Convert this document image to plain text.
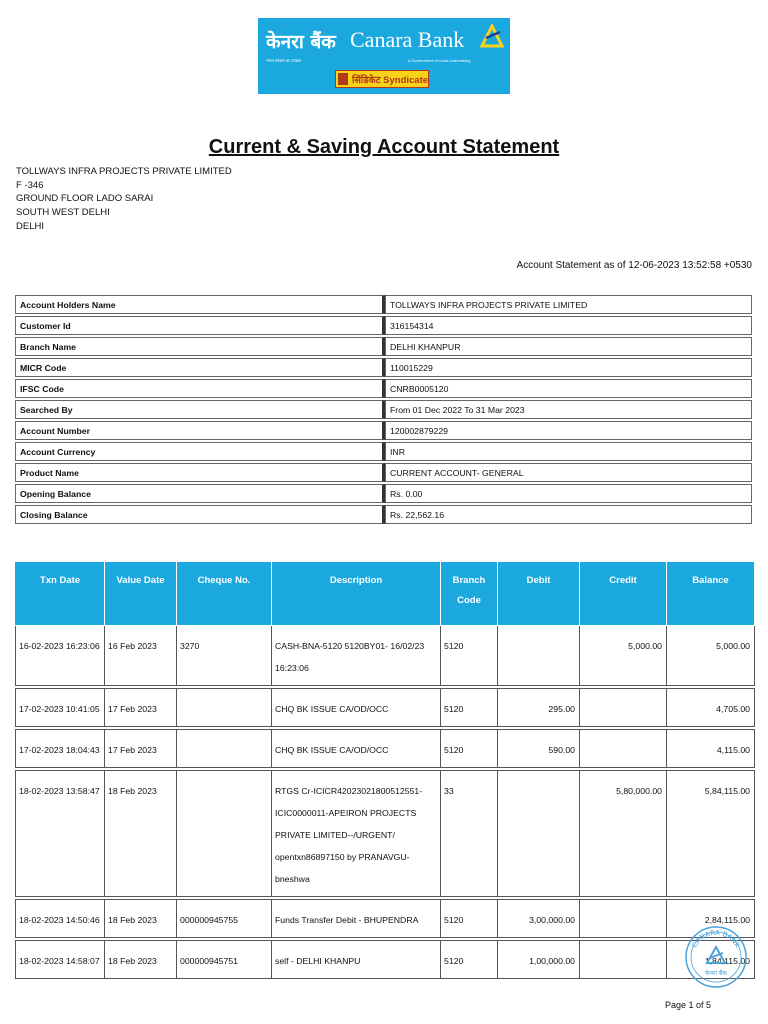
केनरा बैंक Canara Bank
भारत सरकार का उपक्रम	A Government of India Undertaking
सिंडिकेट Syndicate
Current & Saving Account Statement
TOLLWAYS INFRA PROJECTS PRIVATE LIMITED
F -346
GROUND FLOOR LADO SARAI
SOUTH WEST DELHI
DELHI
Account Statement as of 12-06-2023 13:52:58 +0530
Account Holders Name	TOLLWAYS INFRA PROJECTS PRIVATE LIMITED
Customer Id	316154314
Branch Name	DELHI KHANPUR
MICR Code	110015229
IFSC Code	CNRB0005120
Searched By	From 01 Dec 2022 To 31 Mar 2023
Account Number	120002879229
Account Currency	INR
Product Name	CURRENT ACCOUNT- GENERAL
Opening Balance	Rs. 0.00
Closing Balance	Rs. 22,562.16
Txn Date	Value Date	Cheque No.	Description	Branch
Code	Debit	Credit	Balance
16-02-2023 16:23:06	16 Feb 2023	3270	CASH-BNA-5120 5120BY01- 16/02/23
16:23:06	5120		5,000.00	5,000.00

17-02-2023 10:41:05	17 Feb 2023		CHQ BK ISSUE CA/OD/OCC	5120	295.00		4,705.00

17-02-2023 18:04:43	17 Feb 2023		CHQ BK ISSUE CA/OD/OCC	5120	590.00		4,115.00

18-02-2023 13:58:47	18 Feb 2023		RTGS Cr-ICICR42023021800512551-
ICIC0000011-APEIRON PROJECTS
PRIVATE LIMITED--/URGENT/
opentxn86897150 by PRANAVGU-
bneshwa	33		5,80,000.00	5,84,115.00

18-02-2023 14:50:46	18 Feb 2023	000000945755	Funds Transfer Debit - BHUPENDRA	5120	3,00,000.00		2,84,115.00

18-02-2023 14:58:07	18 Feb 2023	000000945751	self - DELHI KHANPU	5120	1,00,000.00		1,84,115.00
CANARA BANK
केनरा बैंक
Page 1 of 5
